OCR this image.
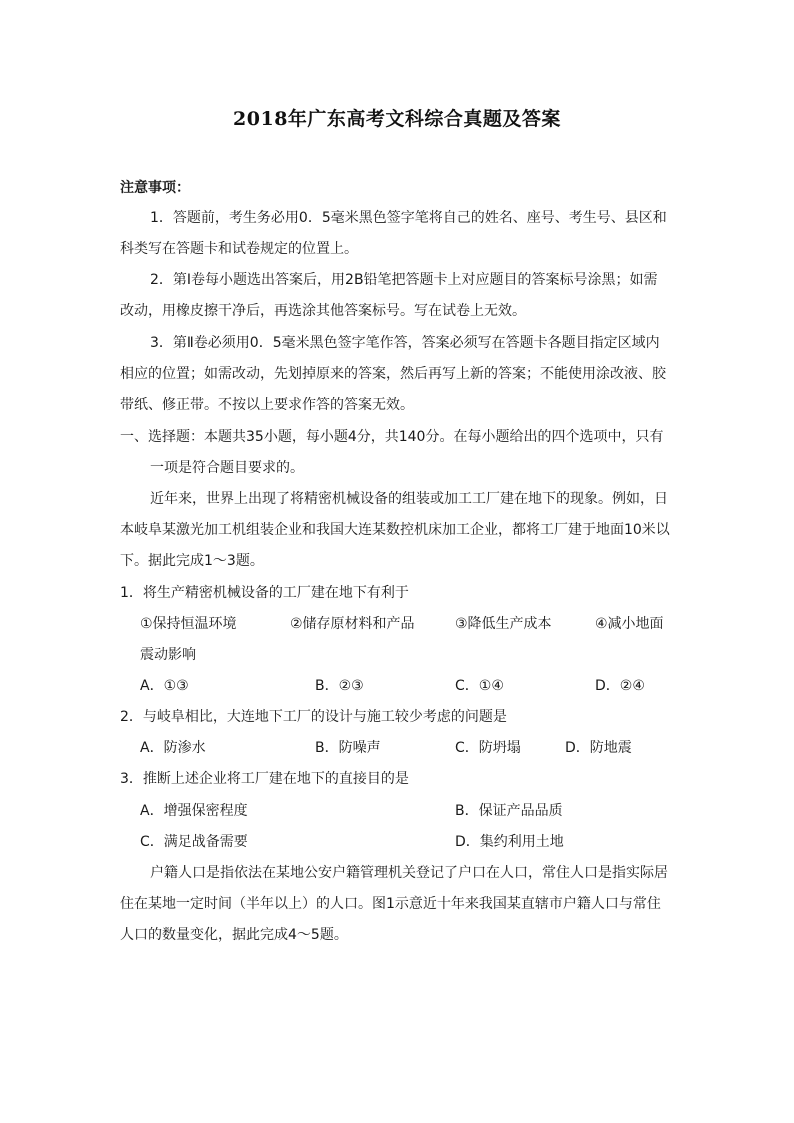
2018年广东高考文科综合真题及答案
注意事项：
1．答题前，考生务必用0．5毫米黑色签字笔将自己的姓名、座号、考生号、县区和
科类写在答题卡和试卷规定的位置上。
2．第Ⅰ卷每小题选出答案后，用2B铅笔把答题卡上对应题目的答案标号涂黑；如需
改动，用橡皮擦干净后，再选涂其他答案标号。写在试卷上无效。
3．第Ⅱ卷必须用0．5毫米黑色签字笔作答，答案必须写在答题卡各题目指定区域内
相应的位置；如需改动，先划掉原来的答案，然后再写上新的答案；不能使用涂改液、胶
带纸、修正带。不按以上要求作答的答案无效。
一、选择题：本题共35小题，每小题4分，共140分。在每小题给出的四个选项中，只有
一项是符合题目要求的。
近年来，世界上出现了将精密机械设备的组装或加工工厂建在地下的现象。例如，日
本岐阜某激光加工机组装企业和我国大连某数控机床加工企业，都将工厂建于地面10米以
下。据此完成1～3题。
1．将生产精密机械设备的工厂建在地下有利于
①保持恒温环境	②储存原材料和产品	③降低生产成本	④减小地面
震动影响
A．①③	B．②③	C．①④	D．②④
2．与岐阜相比，大连地下工厂的设计与施工较少考虑的问题是
A．防渗水	B．防噪声	C．防坍塌	D．防地震
3．推断上述企业将工厂建在地下的直接目的是
A．增强保密程度	B．保证产品品质
C．满足战备需要	D．集约利用土地
户籍人口是指依法在某地公安户籍管理机关登记了户口在人口，常住人口是指实际居
住在某地一定时间（半年以上）的人口。图1示意近十年来我国某直辖市户籍人口与常住
人口的数量变化，据此完成4～5题。
